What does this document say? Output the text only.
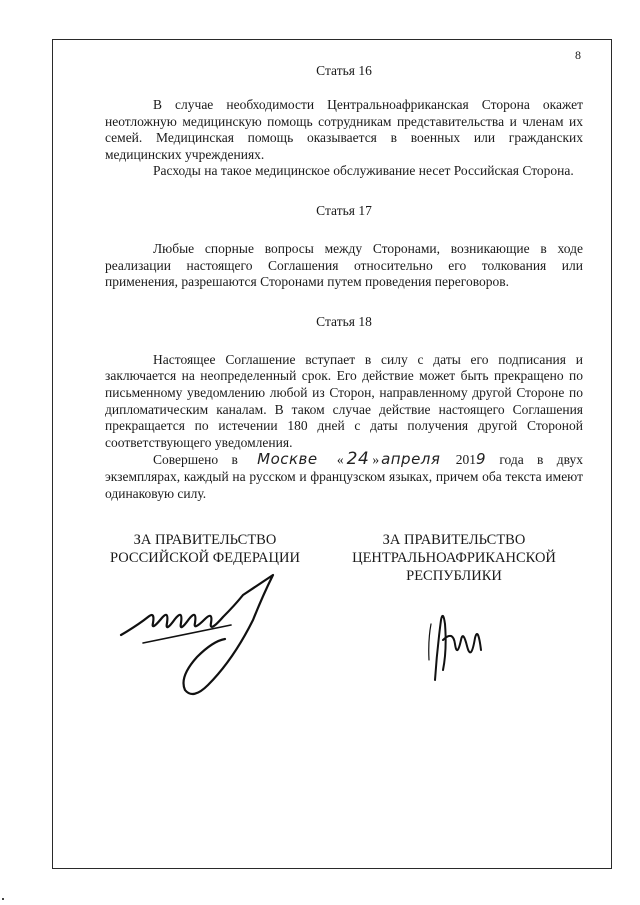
8

Статья 16

В случае необходимости Центральноафриканская Сторона окажет неотложную медицинскую помощь сотрудникам представительства и членам их семей. Медицинская помощь оказывается в военных или гражданских медицинских учреждениях.

Расходы на такое медицинское обслуживание несет Российская Сторона.

Статья 17

Любые спорные вопросы между Сторонами, возникающие в ходе реализации настоящего Соглашения относительно его толкования или применения, разрешаются Сторонами путем проведения переговоров.

Статья 18

Настоящее Соглашение вступает в силу с даты его подписания и заключается на неопределенный срок. Его действие может быть прекращено по письменному уведомлению любой из Сторон, направленному другой Стороне по дипломатическим каналам. В таком случае действие настоящего Соглашения прекращается по истечении 180 дней с даты получения другой Стороной соответствующего уведомления.

Совершено в Москве « 24 » апреля 2019 года в двух экземплярах, каждый на русском и французском языках, причем оба текста имеют одинаковую силу.

ЗА ПРАВИТЕЛЬСТВО
РОССИЙСКОЙ ФЕДЕРАЦИИ
ЗА ПРАВИТЕЛЬСТВО
ЦЕНТРАЛЬНОАФРИКАНСКОЙ
РЕСПУБЛИКИ
